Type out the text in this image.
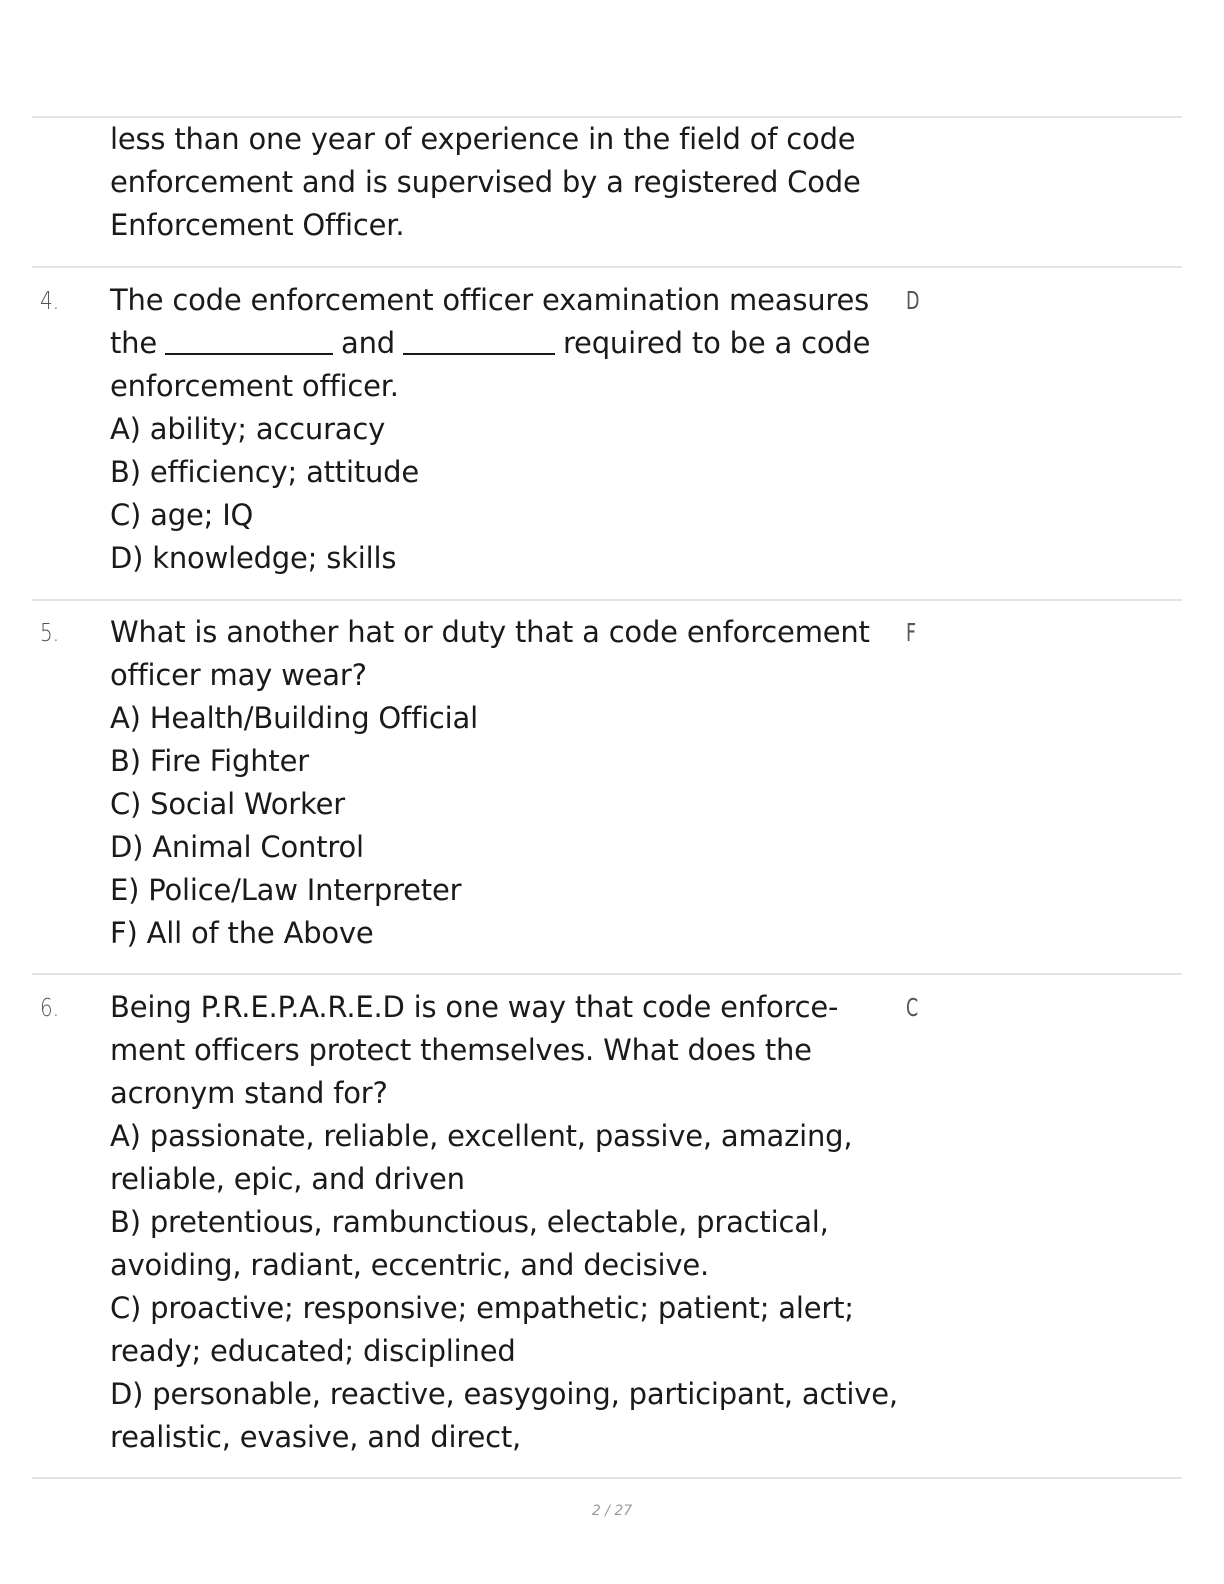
less than one year of experience in the field of code
enforcement and is supervised by a registered Code
Enforcement Officer.
4.	D
The code enforcement officer examination measures
the	and	required to be a code
enforcement officer.
A) ability; accuracy
B) efficiency; attitude
C) age; IQ
D) knowledge; skills
5.	F
What is another hat or duty that a code enforcement
officer may wear?
A) Health/Building Official
B) Fire Fighter
C) Social Worker
D) Animal Control
E) Police/Law Interpreter
F) All of the Above
6.	C
Being P.R.E.P.A.R.E.D is one way that code enforce-
ment officers protect themselves. What does the
acronym stand for?
A) passionate, reliable, excellent, passive, amazing,
reliable, epic, and driven
B) pretentious, rambunctious, electable, practical,
avoiding, radiant, eccentric, and decisive.
C) proactive; responsive; empathetic; patient; alert;
ready; educated; disciplined
D) personable, reactive, easygoing, participant, active,
realistic, evasive, and direct,
2 / 27
